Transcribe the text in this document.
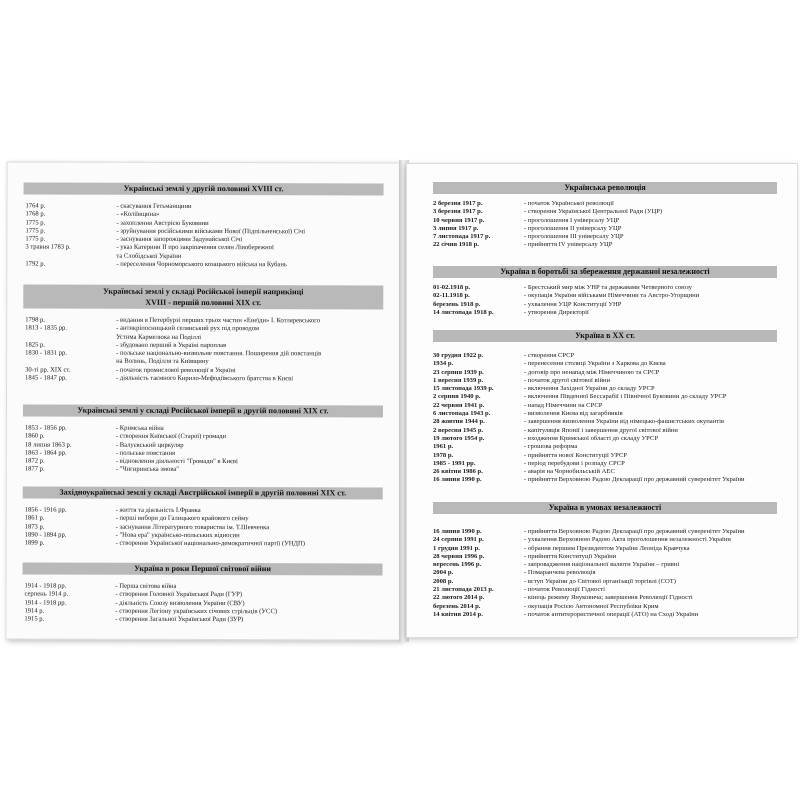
Українські землі у другій половині XVIII ст.
1764 р.	- скасування Гетьманщини
1768 р.	- «Коліївщина»
1775 р.	- захоплення Австрією Буковини
1775 р.	- зруйнування російськими військами Нової (Підпільненської) Січі
1775 р.	- заснування запорожцями Задунайської Січі
3 травня 1783 р.	- указ Катерини ІІ про закріпачення селян Лівобережної
та Слобідської України
1792 р.	- переселення Чорноморського козацького війська на Кубань
Українські землі у складі Російської імперії наприкінці
XVIII - першій половині XIX ст.
1798 р.	- видання в Петербурзі перших трьох частин «Енеїди» І. Котляревського
1813 - 1835 рр.	- антикріпосницький селянський рух під проводом
Устима Кармелюка на Поділлі
1825 р.	- збудовано перший в Україні пароплав
1830 - 1831 рр.	- польське національно-визвольне повстання. Поширення дій повстанців
на Волинь, Поділля та Київщину
30-ті рр. XIX ст.	- початок промислової революції в Україні
1845 - 1847 рр.	- діяльність таємного Кирило-Мефодіївського братства в Києві
Українські землі у складі Російської імперії в другій половині XIX ст.
1853 - 1856 рр.	- Кримська війна
1860 р.	- створення Київської (Старої) громади
18 липня 1863 р.	- Валуєвський циркуляр
1863 - 1864 рр.	- польське повстання
1872 р.	- відновлення діяльності "Громади" в Києві
1877 р.	- "Чигиринська змова"
Західноукраїнські землі у складі Австрійської імперії в другій половині XIX ст.
1856 - 1916 рр.	- життя та діяльність І.Франка
1861 р.	- перші вибори до Галицького крайового сейму
1873 р.	- заснування Літературного товариства ім. Т.Шевченка
1890 - 1894 рр.	- "Нова ера" українсько-польських відносин
1899 р.	- створення Української національно-демократичної партії (УНДП)
Україна в роки Першої світової війни
1914 - 1918 рр.	- Перша світова війна
серпень 1914 р.	- створення Головної Української Ради (ГУР)
1914 - 1918 рр.	- діяльність Союзу визволення України (СВУ)
1914 р.	- створення Легіону українських січових стрільців (УСС)
1915 р.	- створення Загальної Української Ради (ЗУР)
Українська революція
2 березня 1917 р.	- початок Української революції
3 березня 1917 р.	- створення Української Центральної Ради (УЦР)
10 червня 1917 р.	- проголошення І універсалу УЦР
3 липня 1917 р.	- проголошення ІІ універсалу УЦР
7 листопада 1917 р.	- проголошення ІІІ універсалу УЦР
22 січня 1918 р.	- прийняття IV універсалу УЦР
Україна в боротьбі за збереження державної незалежності
01-02.1918 р.	- Брестський мир між УНР та державами Четверного союзу
02-11.1918 р.	- окупація України військами Німеччини та Австро-Угорщини
березень 1918 р.	- ухвалення УЦР Конституції УНР
14 листопада 1918 р.	- утворення Директорії
Україна в XX ст.
30 грудня 1922 р.	- створення СРСР
1934 р.	- перенесення столиці України з Харкова до Києва
23 серпня 1939 р.	- договір про ненапад між Німеччиною та СРСР
1 вересня 1939 р.	- початок другої світової війни
15 листопада 1939 р.	- включення Західної України до складу УРСР
2 серпня 1940 р.	- включення Південної Бессарабії і Північної Буковини до складу УРСР
22 червня 1941 р.	- напад Німеччини на СРСР
6 листопада 1943 р.	- визволення Києва від загарбників
28 жовтня 1944 р.	- завершення визволення України від німецько-фашистських окупантів
2 вересня 1945 р.	- капітуляція Японії і завершення другої світової війни
19 лютого 1954 р.	- входження Кримської області до складу УРСР
1961 р.	- грошова реформа
1978 р.	- прийняття нової Конституції УРСР
1985 - 1991 рр.	- період перебудови і розпаду СРСР
26 квітня 1986 р.	- аварія на Чорнобильській АЕС
16 липня 1990 р.	- прийняття Верховною Радою Декларації про державний суверенітет України
Україна в умовах незалежності
16 липня 1990 р.	- прийняття Верховною Радою Декларації про державний суверенітет України
24 серпня 1991 р.	- ухвалення Верховною Радою Акта проголошення незалежності України
1 грудня 1991 р.	- обрання першим Президентом України Леоніда Кравчука
28 червня 1996 р.	- прийняття Конституції України
вересень 1996 р.	- запровадження національної валюти України – гривні
2004 р.	- Помаранчева революція
2008 р.	- вступ України до Світової організації торгівлі (СОТ)
21 листопада 2013 р.	- початок Революції Гідності
22 лютого 2014 р.	- кінець режиму Януковича; завершення Революції Гідності
березень 2014 р.	- окупація Росією Автономної Республіки Крим
14 квітня 2014 р.	- початок антитерористичної операції (АТО) на Сході України
